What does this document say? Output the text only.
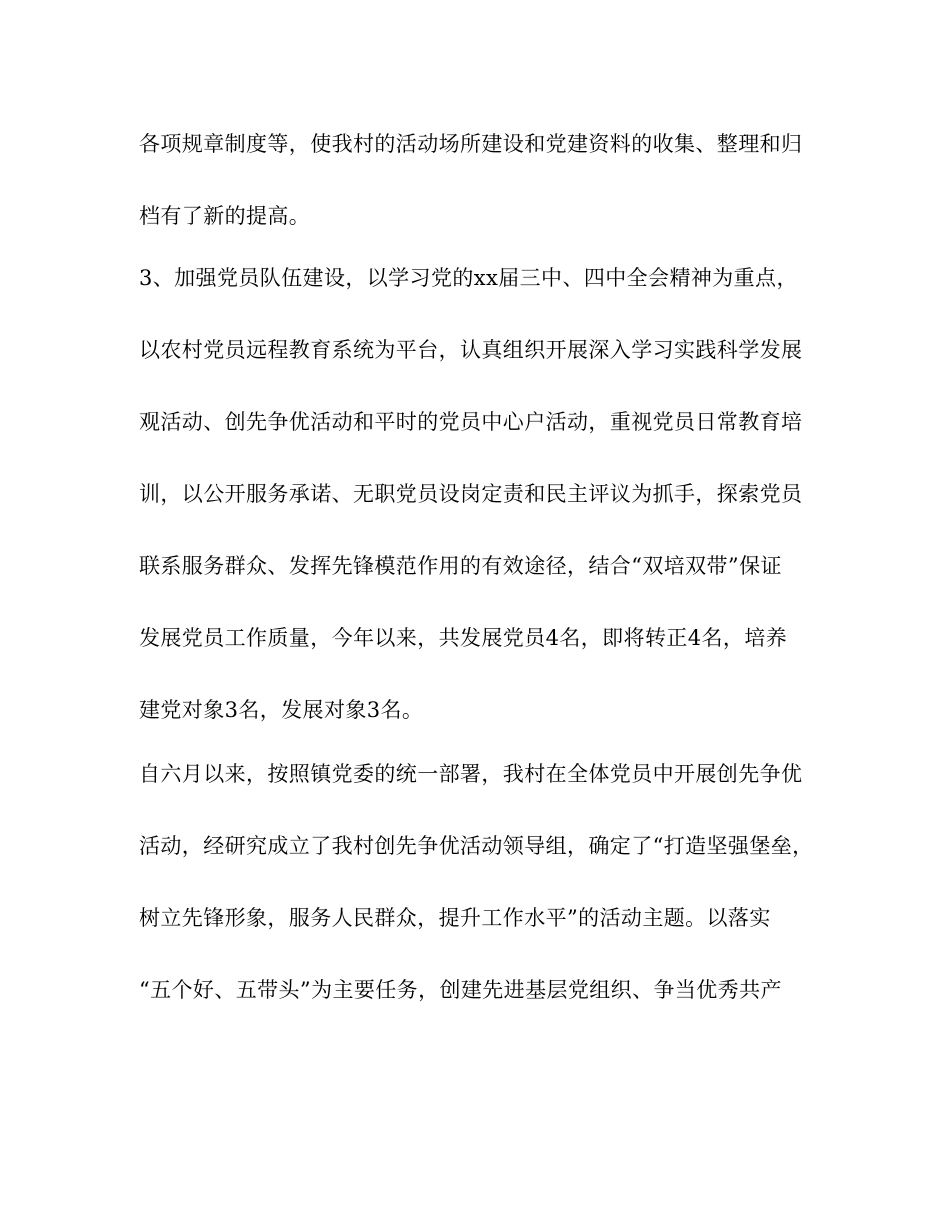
各项规章制度等，使我村的活动场所建设和党建资料的收集、整理和归
档有了新的提高。
3、加强党员队伍建设，以学习党的xx届三中、四中全会精神为重点，
以农村党员远程教育系统为平台，认真组织开展深入学习实践科学发展
观活动、创先争优活动和平时的党员中心户活动，重视党员日常教育培
训，以公开服务承诺、无职党员设岗定责和民主评议为抓手，探索党员
联系服务群众、发挥先锋模范作用的有效途径，结合“双培双带”保证
发展党员工作质量，今年以来，共发展党员4名，即将转正4名，培养
建党对象3名，发展对象3名。
自六月以来，按照镇党委的统一部署，我村在全体党员中开展创先争优
活动，经研究成立了我村创先争优活动领导组，确定了“打造坚强堡垒，
树立先锋形象，服务人民群众，提升工作水平”的活动主题。以落实
“五个好、五带头”为主要任务，创建先进基层党组织、争当优秀共产
